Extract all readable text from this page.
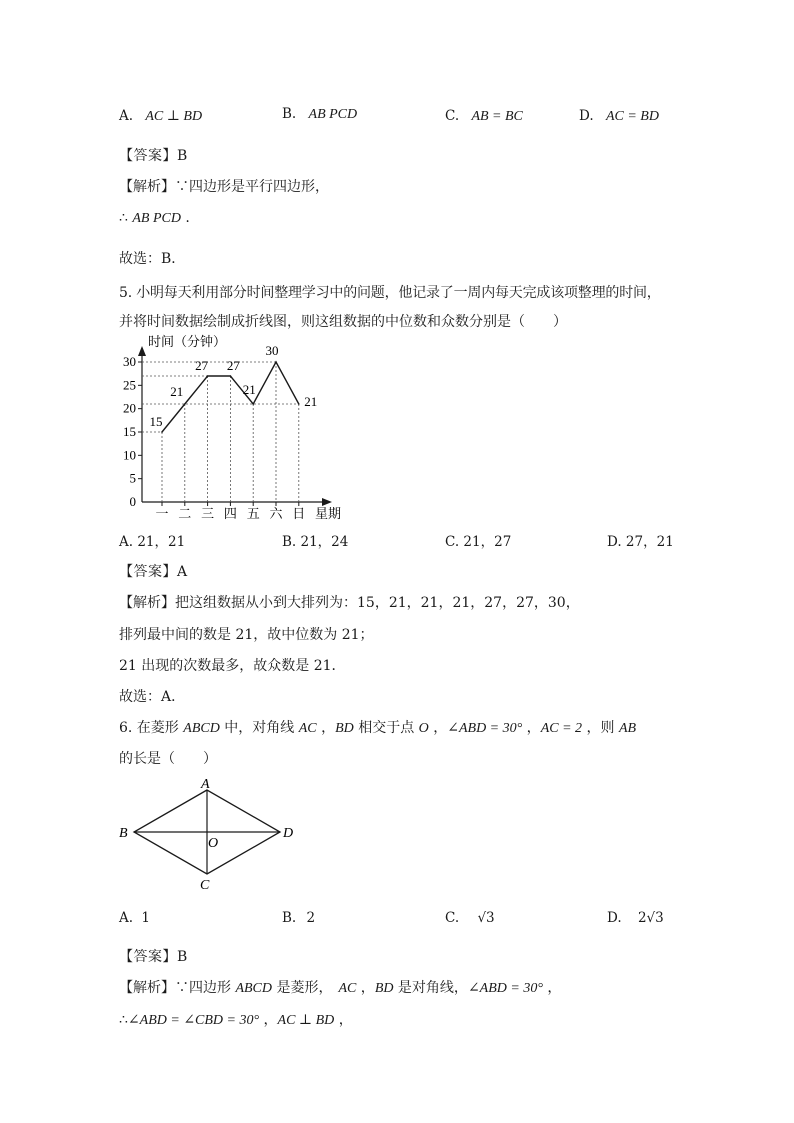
A. AC ⊥ BD	B. AB PCD	C. AB = BC	D. AC = BD
【答案】B
【解析】∵四边形是平行四边形，
∴ AB PCD .
故选：B．
5. 小明每天利用部分时间整理学习中的问题，他记录了一周内每天完成该项整理的时间，
并将时间数据绘制成折线图，则这组数据的中位数和众数分别是（　　）
0
5
10
15
20
25
30
一 二 三 四 五 六 日
15
21
27 27
21
30
21
时间（分钟）
星期
A. 21，21	B. 21，24	C. 21，27	D. 27，21
【答案】A
【解析】把这组数据从小到大排列为：15，21，21，21，27，27，30，
排列最中间的数是 21，故中位数为 21；
21 出现的次数最多，故众数是 21．
故选：A．
6. 在菱形 ABCD 中，对角线 AC ，BD 相交于点 O ，∠ABD = 30° ，AC = 2 ，则 AB
的长是（　　）
A
B
C
D
O
A. 1	B. 2	C. √3	D. 2√3
【答案】B
【解析】∵四边形 ABCD 是菱形， AC ，BD 是对角线，∠ABD = 30° ，
∴∠ABD = ∠CBD = 30° ，AC ⊥ BD ，
